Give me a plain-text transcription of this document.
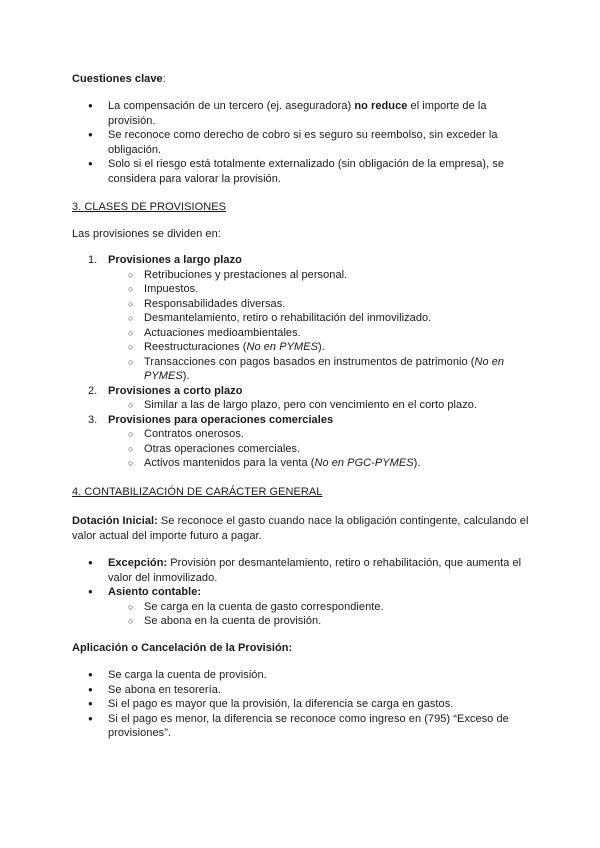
Cuestiones clave:

● La compensación de un tercero (ej. aseguradora) no reduce el importe de la provisión.
● Se reconoce como derecho de cobro si es seguro su reembolso, sin exceder la obligación.
● Solo si el riesgo está totalmente externalizado (sin obligación de la empresa), se considera para valorar la provisión.

3. CLASES DE PROVISIONES

Las provisiones se dividen en:

1. Provisiones a largo plazo
○ Retribuciones y prestaciones al personal.
○ Impuestos.
○ Responsabilidades diversas.
○ Desmantelamiento, retiro o rehabilitación del inmovilizado.
○ Actuaciones medioambientales.
○ Reestructuraciones (No en PYMES).
○ Transacciones con pagos basados en instrumentos de patrimonio (No en PYMES).
2. Provisiones a corto plazo
○ Similar a las de largo plazo, pero con vencimiento en el corto plazo.
3. Provisiones para operaciones comerciales
○ Contratos onerosos.
○ Otras operaciones comerciales.
○ Activos mantenidos para la venta (No en PGC-PYMES).

4. CONTABILIZACIÓN DE CARÁCTER GENERAL

Dotación Inicial: Se reconoce el gasto cuando nace la obligación contingente, calculando el valor actual del importe futuro a pagar.

● Excepción: Provisión por desmantelamiento, retiro o rehabilitación, que aumenta el valor del inmovilizado.
● Asiento contable:
○ Se carga en la cuenta de gasto correspondiente.
○ Se abona en la cuenta de provisión.

Aplicación o Cancelación de la Provisión:

● Se carga la cuenta de provisión.
● Se abona en tesorería.
● Si el pago es mayor que la provisión, la diferencia se carga en gastos.
● Si el pago es menor, la diferencia se reconoce como ingreso en (795) “Exceso de provisiones”.
